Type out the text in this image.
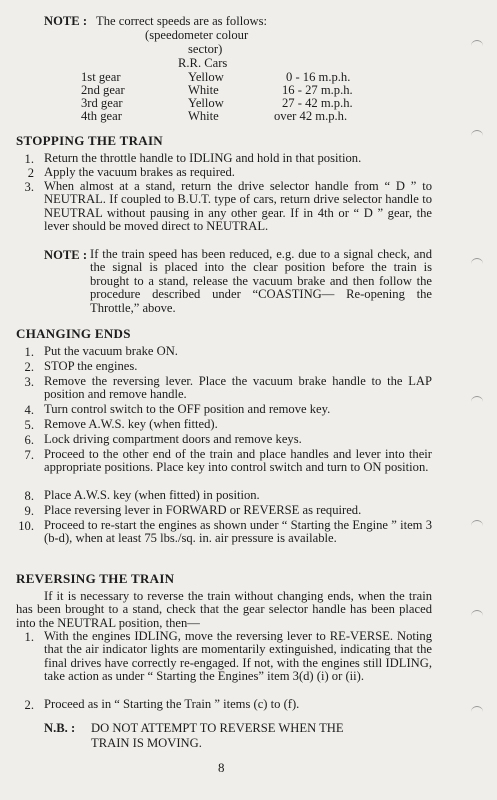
NOTE : The correct speeds are as follows:
(speedometer colour
sector)
R.R. Cars
1st gear	Yellow	0 - 16 m.p.h.
2nd gear	White	16 - 27 m.p.h.
3rd gear	Yellow	27 - 42 m.p.h.
4th gear	White	over 42 m.p.h.
STOPPING THE TRAIN
1. Return the throttle handle to IDLING and hold in that position.
2 Apply the vacuum brakes as required.
3. When almost at a stand, return the drive selector handle from “ D ” to NEUTRAL. If coupled to B.U.T. type of cars, return drive selector handle to NEUTRAL without pausing in any other gear. If in 4th or “ D ” gear, the lever should be moved direct to NEUTRAL.
NOTE : If the train speed has been reduced, e.g. due to a signal check, and the signal is placed into the clear position before the train is brought to a stand, release the vacuum brake and then follow the procedure described under “COASTING— Re-opening the Throttle,” above.
CHANGING ENDS
1. Put the vacuum brake ON.
2. STOP the engines.
3. Remove the reversing lever. Place the vacuum brake handle to the LAP position and remove handle.
4. Turn control switch to the OFF position and remove key.
5. Remove A.W.S. key (when fitted).
6. Lock driving compartment doors and remove keys.
7. Proceed to the other end of the train and place handles and lever into their appropriate positions. Place key into control switch and turn to ON position.
8. Place A.W.S. key (when fitted) in position.
9. Place reversing lever in FORWARD or REVERSE as required.
10. Proceed to re-start the engines as shown under “ Starting the Engine ” item 3 (b-d), when at least 75 lbs./sq. in. air pressure is available.
REVERSING THE TRAIN
If it is necessary to reverse the train without changing ends, when the train has been brought to a stand, check that the gear selector handle has been placed into the NEUTRAL position, then—
1. With the engines IDLING, move the reversing lever to RE-VERSE. Noting that the air indicator lights are momentarily extinguished, indicating that the final drives have correctly re-engaged. If not, with the engines still IDLING, take action as under “ Starting the Engines” item 3(d) (i) or (ii).
2. Proceed as in “ Starting the Train ” items (c) to (f).
N.B. : DO NOT ATTEMPT TO REVERSE WHEN THE
TRAIN IS MOVING.
8
